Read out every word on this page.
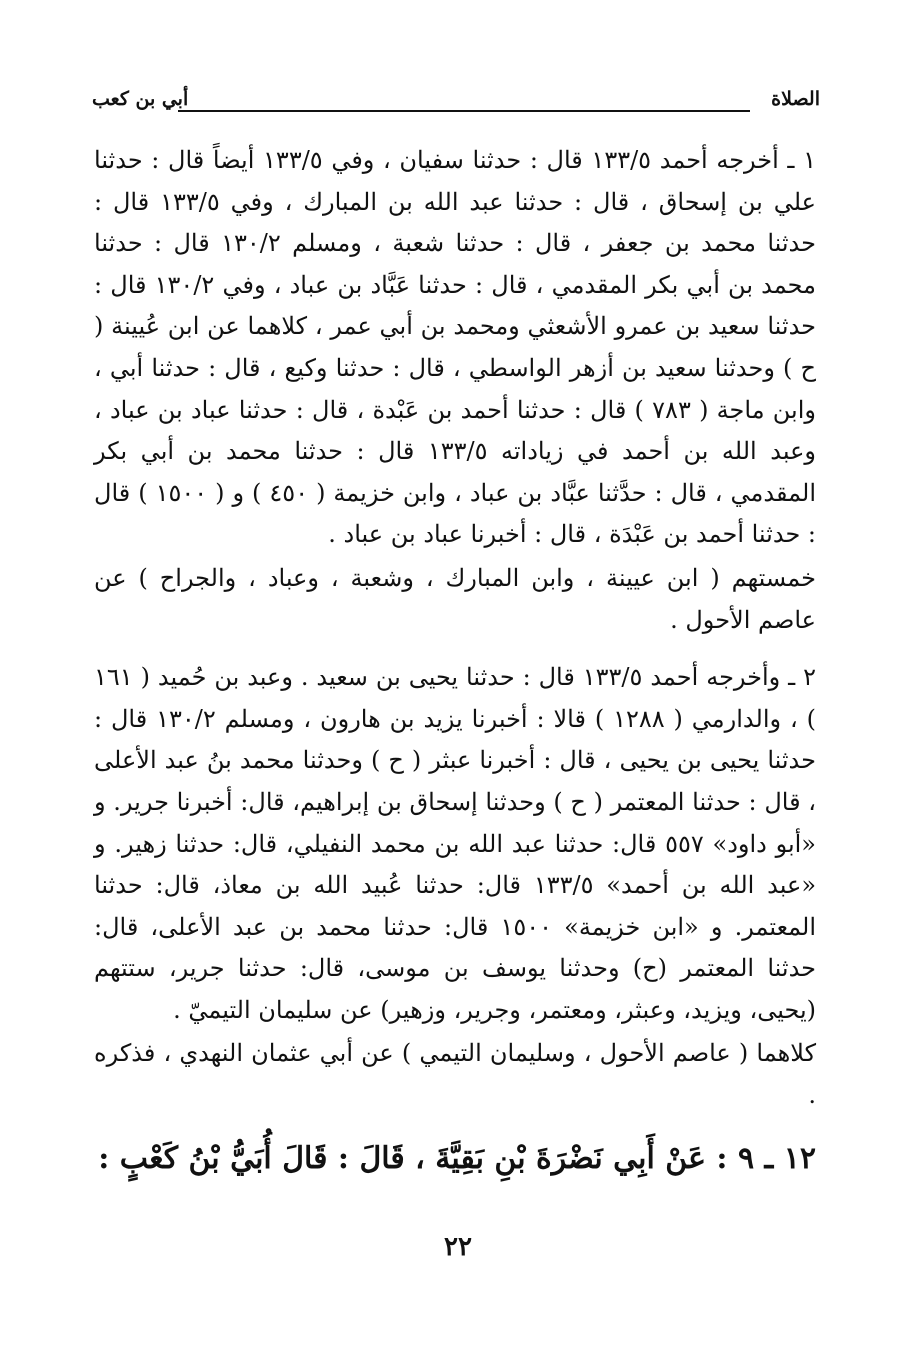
الصلاة
أبي بن كعب

١ ـ أخرجه أحمد ١٣٣/٥ قال : حدثنا سفيان ، وفي ١٣٣/٥ أيضاً قال : حدثنا علي بن إسحاق ، قال : حدثنا عبد الله بن المبارك ، وفي ١٣٣/٥ قال : حدثنا محمد بن جعفر ، قال : حدثنا شعبة ، ومسلم ١٣٠/٢ قال : حدثنا محمد بن أبي بكر المقدمي ، قال : حدثنا عَبَّاد بن عباد ، وفي ١٣٠/٢ قال : حدثنا سعيد بن عمرو الأشعثي ومحمد بن أبي عمر ، كلاهما عن ابن عُيينة ( ح ) وحدثنا سعيد بن أزهر الواسطي ، قال : حدثنا وكيع ، قال : حدثنا أبي ، وابن ماجة ( ٧٨٣ ) قال : حدثنا أحمد بن عَبْدة ، قال : حدثنا عباد بن عباد ، وعبد الله بن أحمد في زياداته ١٣٣/٥ قال : حدثنا محمد بن أبي بكر المقدمي ، قال : حدَّثنا عبَّاد بن عباد ، وابن خزيمة ( ٤٥٠ ) و ( ١٥٠٠ ) قال : حدثنا أحمد بن عَبْدَة ، قال : أخبرنا عباد بن عباد .

خمستهم ( ابن عيينة ، وابن المبارك ، وشعبة ، وعباد ، والجراح ) عن عاصم الأحول .

٢ ـ وأخرجه أحمد ١٣٣/٥ قال : حدثنا يحيى بن سعيد . وعبد بن حُميد ( ١٦١ ) ، والدارمي ( ١٢٨٨ ) قالا : أخبرنا يزيد بن هارون ، ومسلم ١٣٠/٢ قال : حدثنا يحيى بن يحيى ، قال : أخبرنا عبثر ( ح ) وحدثنا محمد بنُ عبد الأعلى ، قال : حدثنا المعتمر ( ح ) وحدثنا إسحاق بن إبراهيم، قال: أخبرنا جرير. و «أبو داود» ٥٥٧ قال: حدثنا عبد الله بن محمد النفيلي، قال: حدثنا زهير. و «عبد الله بن أحمد» ١٣٣/٥ قال: حدثنا عُبيد الله بن معاذ، قال: حدثنا المعتمر. و «ابن خزيمة» ١٥٠٠ قال: حدثنا محمد بن عبد الأعلى، قال: حدثنا المعتمر (ح) وحدثنا يوسف بن موسى، قال: حدثنا جرير، ستتهم (يحيى، ويزيد، وعبثر، ومعتمر، وجرير، وزهير) عن سليمان التيميّ .

كلاهما ( عاصم الأحول ، وسليمان التيمي ) عن أبي عثمان النهدي ، فذكره .

١٢ ـ ٩ : عَنْ أَبِي نَضْرَةَ بْنِ بَقِيَّةَ ، قَالَ : قَالَ أُبَيُّ بْنُ كَعْبٍ :

٢٢
